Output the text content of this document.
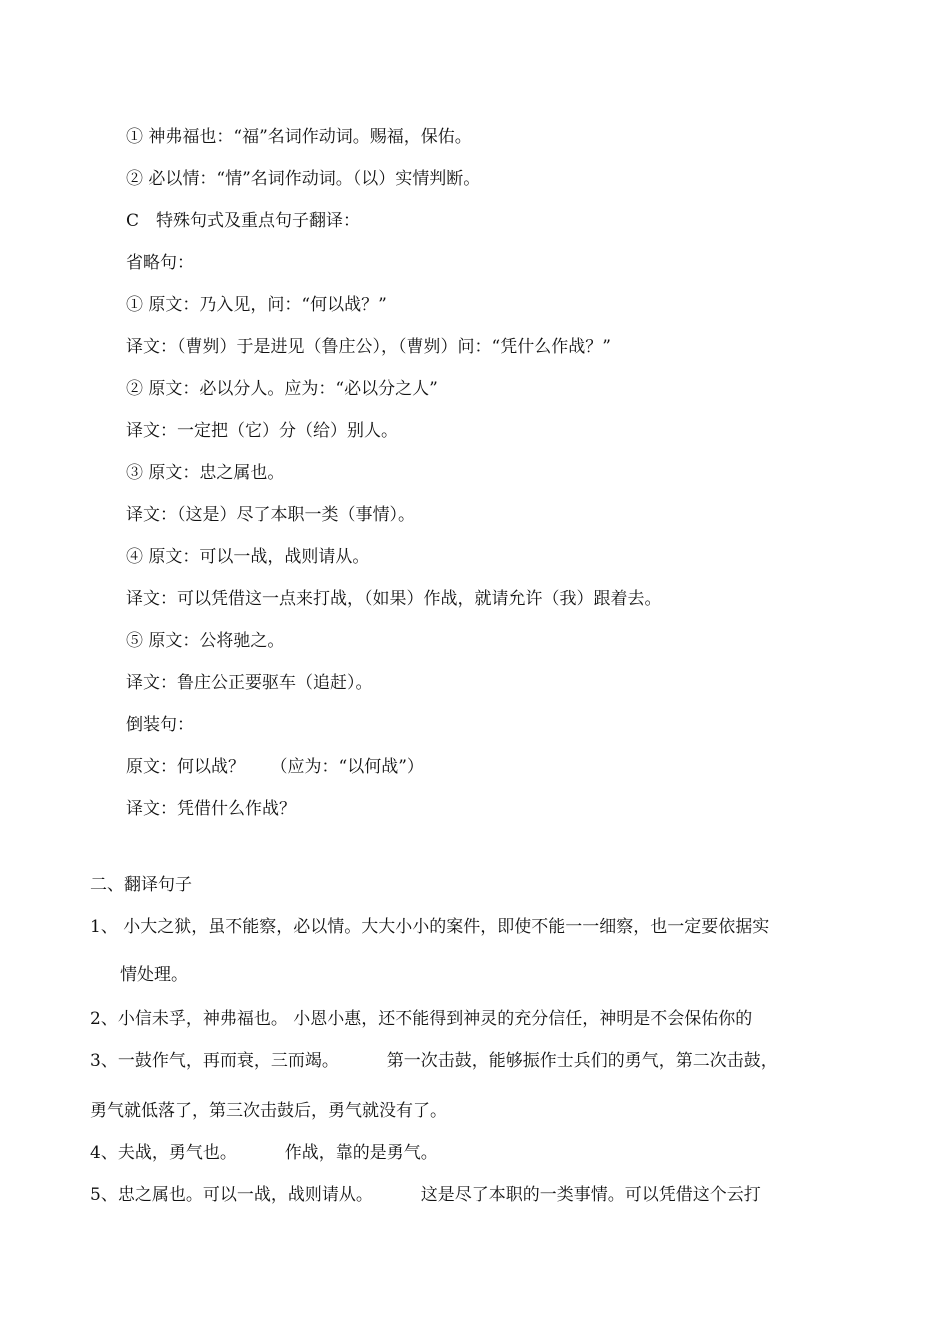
① 神弗福也：“福”名词作动词。赐福，保佑。
② 必以情：“情”名词作动词。（以）实情判断。
C　特殊句式及重点句子翻译：
省略句：
① 原文：乃入见，问：“何以战？”
译文：（曹刿）于是进见（鲁庄公），（曹刿）问：“凭什么作战？”
② 原文：必以分人。应为：“必以分之人”
译文：一定把（它）分（给）别人。
③ 原文：忠之属也。
译文：（这是）尽了本职一类（事情）。
④ 原文：可以一战，战则请从。
译文：可以凭借这一点来打战，（如果）作战，就请允许（我）跟着去。
⑤ 原文：公将驰之。
译文：鲁庄公正要驱车（追赶）。
倒装句：
原文：何以战？　　（应为：“以何战”）
译文：凭借什么作战？
二、翻译句子
1、 小大之狱，虽不能察，必以情。大大小小的案件，即使不能一一细察，也一定要依据实
情处理。
2、小信未孚，神弗福也。 小恩小惠，还不能得到神灵的充分信任，神明是不会保佑你的
3、一鼓作气，再而衰，三而竭。　　　 第一次击鼓，能够振作士兵们的勇气，第二次击鼓，
勇气就低落了，第三次击鼓后，勇气就没有了。
4、夫战，勇气也。　　　 作战，靠的是勇气。
5、忠之属也。可以一战，战则请从。　　　 这是尽了本职的一类事情。可以凭借这个云打
